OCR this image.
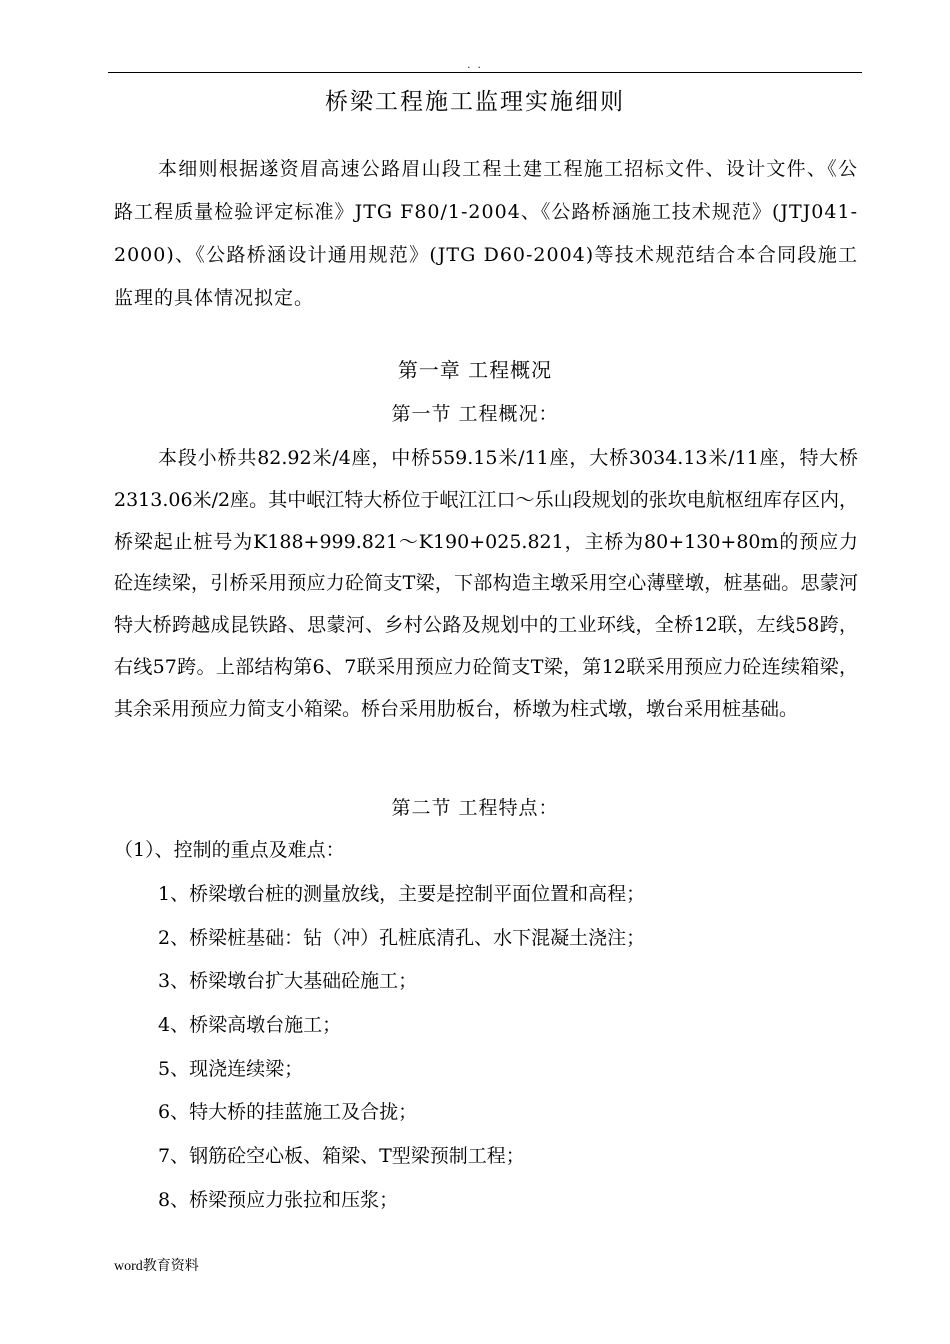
. .
桥梁工程施工监理实施细则

本细则根据遂资眉高速公路眉山段工程土建工程施工招标文件、设计文件、《公路工程质量检验评定标准》JTG F80/1-2004、《公路桥涵施工技术规范》(JTJ041-2000)、《公路桥涵设计通用规范》(JTG D60-2004)等技术规范结合本合同段施工监理的具体情况拟定。

第一章 工程概况
第一节 工程概况：

本段小桥共82.92米/4座，中桥559.15米/11座，大桥3034.13米/11座，特大桥2313.06米/2座。其中岷江特大桥位于岷江江口～乐山段规划的张坎电航枢纽库存区内，桥梁起止桩号为K188+999.821～K190+025.821，主桥为80+130+80m的预应力砼连续梁，引桥采用预应力砼简支T梁，下部构造主墩采用空心薄壁墩，桩基础。思蒙河特大桥跨越成昆铁路、思蒙河、乡村公路及规划中的工业环线，全桥12联，左线58跨，右线57跨。上部结构第6、7联采用预应力砼简支T梁，第12联采用预应力砼连续箱梁，其余采用预应力简支小箱梁。桥台采用肋板台，桥墩为柱式墩，墩台采用桩基础。

第二节 工程特点：

（1）、控制的重点及难点：

1、桥梁墩台桩的测量放线，主要是控制平面位置和高程；
2、桥梁桩基础：钻（冲）孔桩底清孔、水下混凝土浇注；
3、桥梁墩台扩大基础砼施工；
4、桥梁高墩台施工；
5、现浇连续梁；
6、特大桥的挂蓝施工及合拢；
7、钢筋砼空心板、箱梁、T型梁预制工程；
8、桥梁预应力张拉和压浆；
word教育资料
